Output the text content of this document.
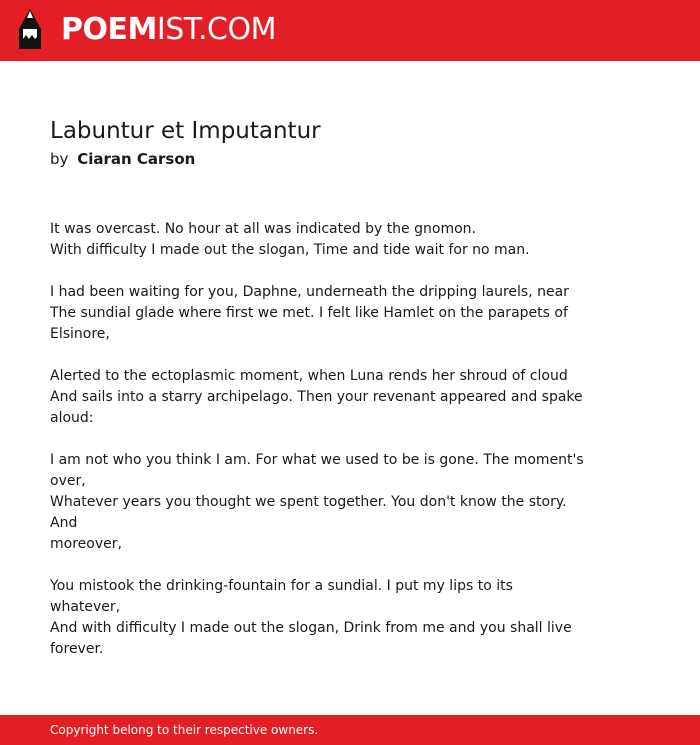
POEMIST.COM
Labuntur et Imputantur
by Ciaran Carson
It was overcast. No hour at all was indicated by the gnomon.
With difficulty I made out the slogan, Time and tide wait for no man.
I had been waiting for you, Daphne, underneath the dripping laurels, near
The sundial glade where first we met. I felt like Hamlet on the parapets of
Elsinore,
Alerted to the ectoplasmic moment, when Luna rends her shroud of cloud
And sails into a starry archipelago. Then your revenant appeared and spake
aloud:
I am not who you think I am. For what we used to be is gone. The moment's
over,
Whatever years you thought we spent together. You don't know the story. And
moreover,
You mistook the drinking-fountain for a sundial. I put my lips to its
whatever,
And with difficulty I made out the slogan, Drink from me and you shall live
forever.
Copyright belong to their respective owners.
